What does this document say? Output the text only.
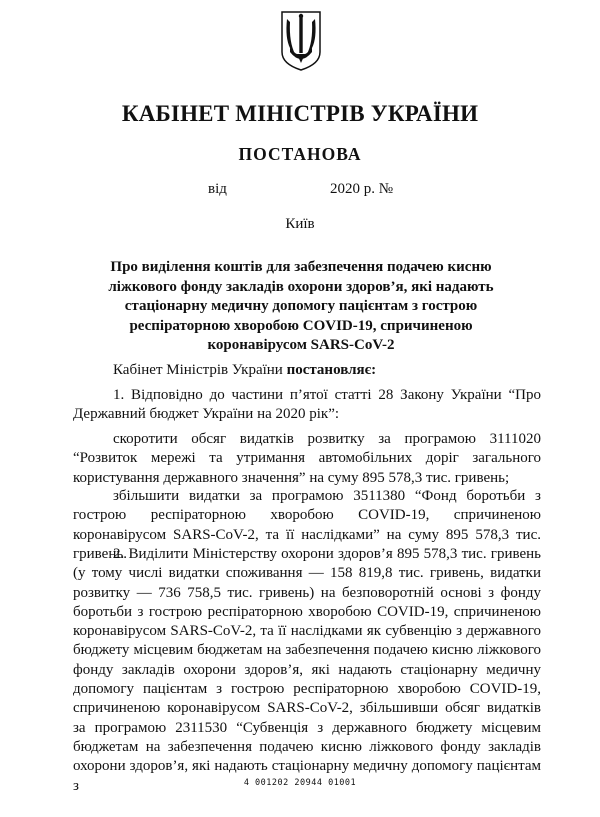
КАБІНЕТ МІНІСТРІВ УКРАЇНИ
ПОСТАНОВА
від	2020 р. №
Київ
Про виділення коштів для забезпечення подачею кисню
ліжкового фонду закладів охорони здоров’я, які надають
стаціонарну медичну допомогу пацієнтам з гострою
респіраторною хворобою COVID-19, спричиненою
коронавірусом SARS-CoV-2
Кабінет Міністрів України постановляє:
1. Відповідно до частини п’ятої статті 28 Закону України “Про Державний бюджет України на 2020 рік”:
скоротити обсяг видатків розвитку за програмою 3111020 “Розвиток мережі та утримання автомобільних доріг загального користування державного значення” на суму 895 578,3 тис. гривень;
збільшити видатки за програмою 3511380 “Фонд боротьби з гострою респіраторною хворобою COVID-19, спричиненою коронавірусом SARS-CoV-2, та її наслідками” на суму 895 578,3 тис. гривень.
2. Виділити Міністерству охорони здоров’я 895 578,3 тис. гривень (у тому числі видатки споживання — 158 819,8 тис. гривень, видатки розвитку — 736 758,5 тис. гривень) на безповоротній основі з фонду боротьби з гострою респіраторною хворобою COVID-19, спричиненою коронавірусом SARS-CoV-2, та її наслідками як субвенцію з державного бюджету місцевим бюджетам на забезпечення подачею кисню ліжкового фонду закладів охорони здоров’я, які надають стаціонарну медичну допомогу пацієнтам з гострою респіраторною хворобою COVID-19, спричиненою коронавірусом SARS-CoV-2, збільшивши обсяг видатків за програмою 2311530 “Субвенція з державного бюджету місцевим бюджетам на забезпечення подачею кисню ліжкового фонду закладів охорони здоров’я, які надають стаціонарну медичну допомогу пацієнтам з	4 001202 20944 01001
